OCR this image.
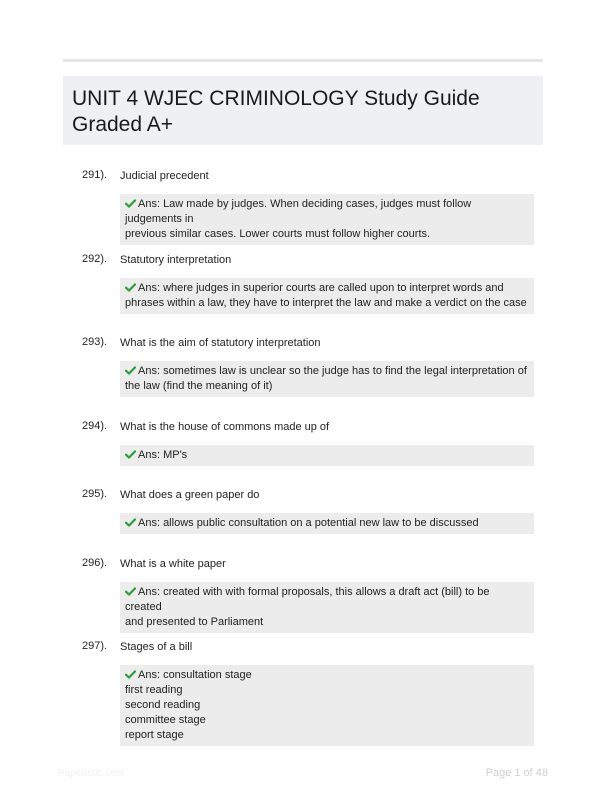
UNIT 4 WJEC CRIMINOLOGY Study Guide
Graded A+
291). Judicial precedent
Ans: Law made by judges. When deciding cases, judges must follow judgements in
previous similar cases. Lower courts must follow higher courts.
292). Statutory interpretation
Ans: where judges in superior courts are called upon to interpret words and
phrases within a law, they have to interpret the law and make a verdict on the case
293). What is the aim of statutory interpretation
Ans: sometimes law is unclear so the judge has to find the legal interpretation of
the law (find the meaning of it)
294). What is the house of commons made up of
Ans: MP's
295). What does a green paper do
Ans: allows public consultation on a potential new law to be discussed
296). What is a white paper
Ans: created with with formal proposals, this allows a draft act (bill) to be created
and presented to Parliament
297). Stages of a bill
Ans: consultation stage
first reading
second reading
committee stage
report stage
Papertstic.com	Page 1 of 48
